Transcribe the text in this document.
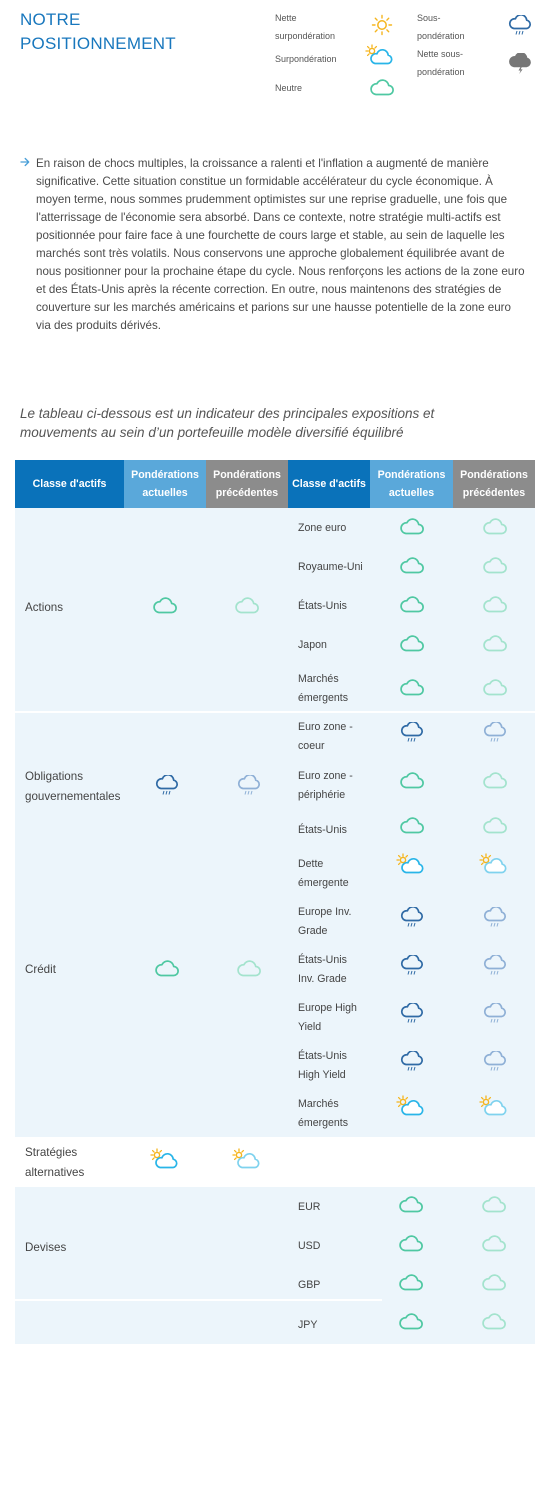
NOTRE
POSITIONNEMENT
Nette
surpondération
Surpondération
Neutre
Sous-
pondération
Nette sous-
pondération
En raison de chocs multiples, la croissance a ralenti et l'inflation a augmenté de manière significative. Cette situation constitue un formidable accélérateur du cycle économique. À moyen terme, nous sommes prudemment optimistes sur une reprise graduelle, une fois que l'atterrissage de l'économie sera absorbé. Dans ce contexte, notre stratégie multi-actifs est positionnée pour faire face à une fourchette de cours large et stable, au sein de laquelle les marchés sont très volatils. Nous conservons une approche globalement équilibrée avant de nous positionner pour la prochaine étape du cycle. Nous renforçons les actions de la zone euro et des États-Unis après la récente correction. En outre, nous maintenons des stratégies de couverture sur les marchés américains et parions sur une hausse potentielle de la zone euro via des produits dérivés.
Le tableau ci-dessous est un indicateur des principales expositions et mouvements au sein d’un portefeuille modèle diversifié équilibré
Classe d'actifs
Pondérations
actuelles
Pondérations
précédentes
Classe d'actifs
Pondérations
actuelles
Pondérations
précédentes
Actions
Zone euro
Royaume-Uni
États-Unis
Japon
Marchés
émergents
Obligations
gouvernementales
Euro zone -
coeur
Euro zone -
périphérie
États-Unis
Dette
émergente
Crédit
Europe Inv.
Grade
États-Unis
Inv. Grade
Europe High
Yield
États-Unis
High Yield
Marchés
émergents
Stratégies
alternatives
Devises
EUR
USD
GBP
JPY
